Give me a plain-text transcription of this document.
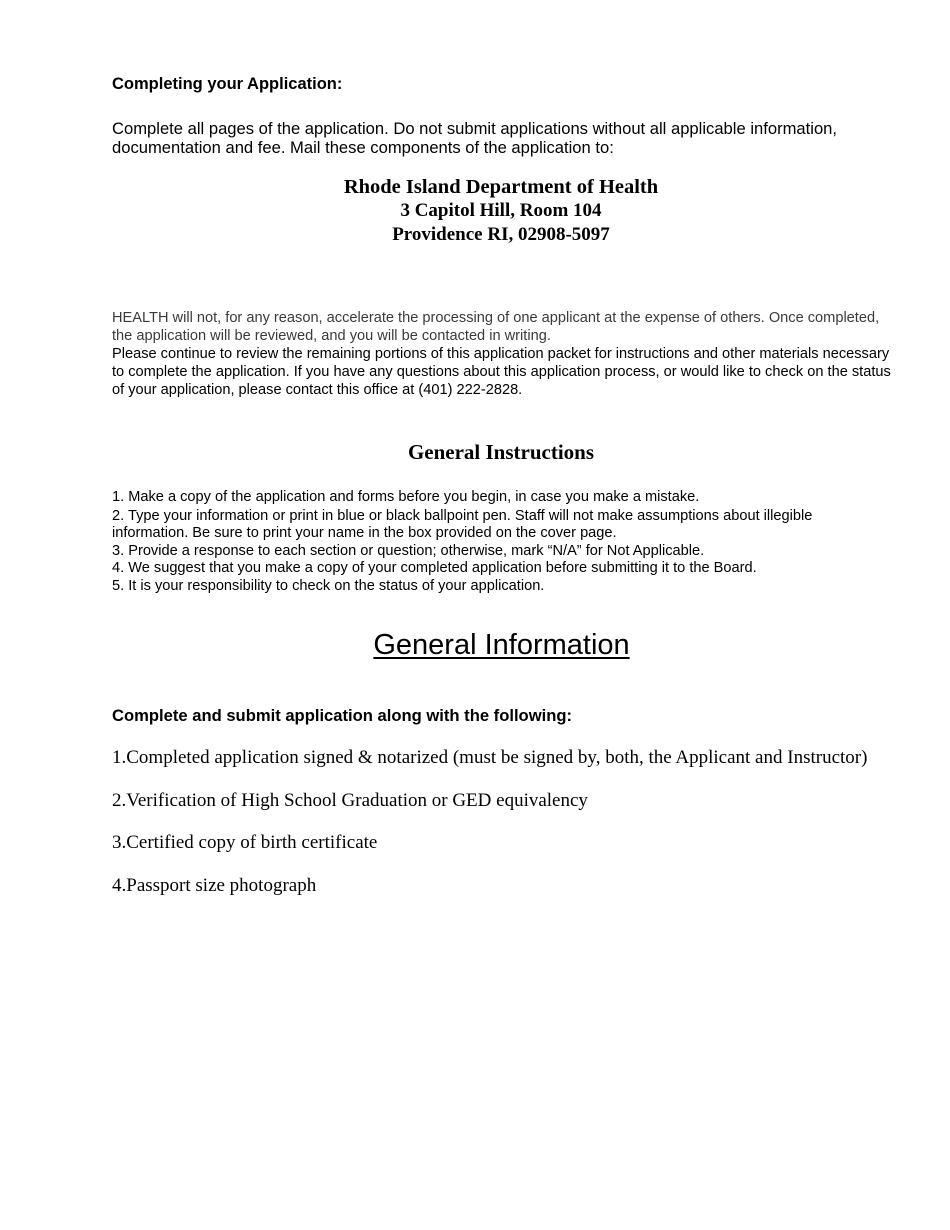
Completing your Application:
Complete all pages of the application. Do not submit applications without all applicable information, documentation and fee. Mail these components of the application to:
Rhode Island Department of Health
3 Capitol Hill, Room 104
Providence RI, 02908-5097
HEALTH will not, for any reason, accelerate the processing of one applicant at the expense of others. Once completed, the application will be reviewed, and you will be contacted in writing.
Please continue to review the remaining portions of this application packet for instructions and other materials necessary to complete the application. If you have any questions about this application process, or would like to check on the status of your application, please contact this office at (401) 222-2828.
General Instructions
1. Make a copy of the application and forms before you begin, in case you make a mistake.
2. Type your information or print in blue or black ballpoint pen. Staff will not make assumptions about illegible information. Be sure to print your name in the box provided on the cover page.
3. Provide a response to each section or question; otherwise, mark “N/A” for Not Applicable.
4. We suggest that you make a copy of your completed application before submitting it to the Board.
5. It is your responsibility to check on the status of your application.
General Information
Complete and submit application along with the following:
1.Completed application signed & notarized (must be signed by, both, the Applicant and Instructor)
2.Verification of High School Graduation or GED equivalency
3.Certified copy of birth certificate
4.Passport size photograph
